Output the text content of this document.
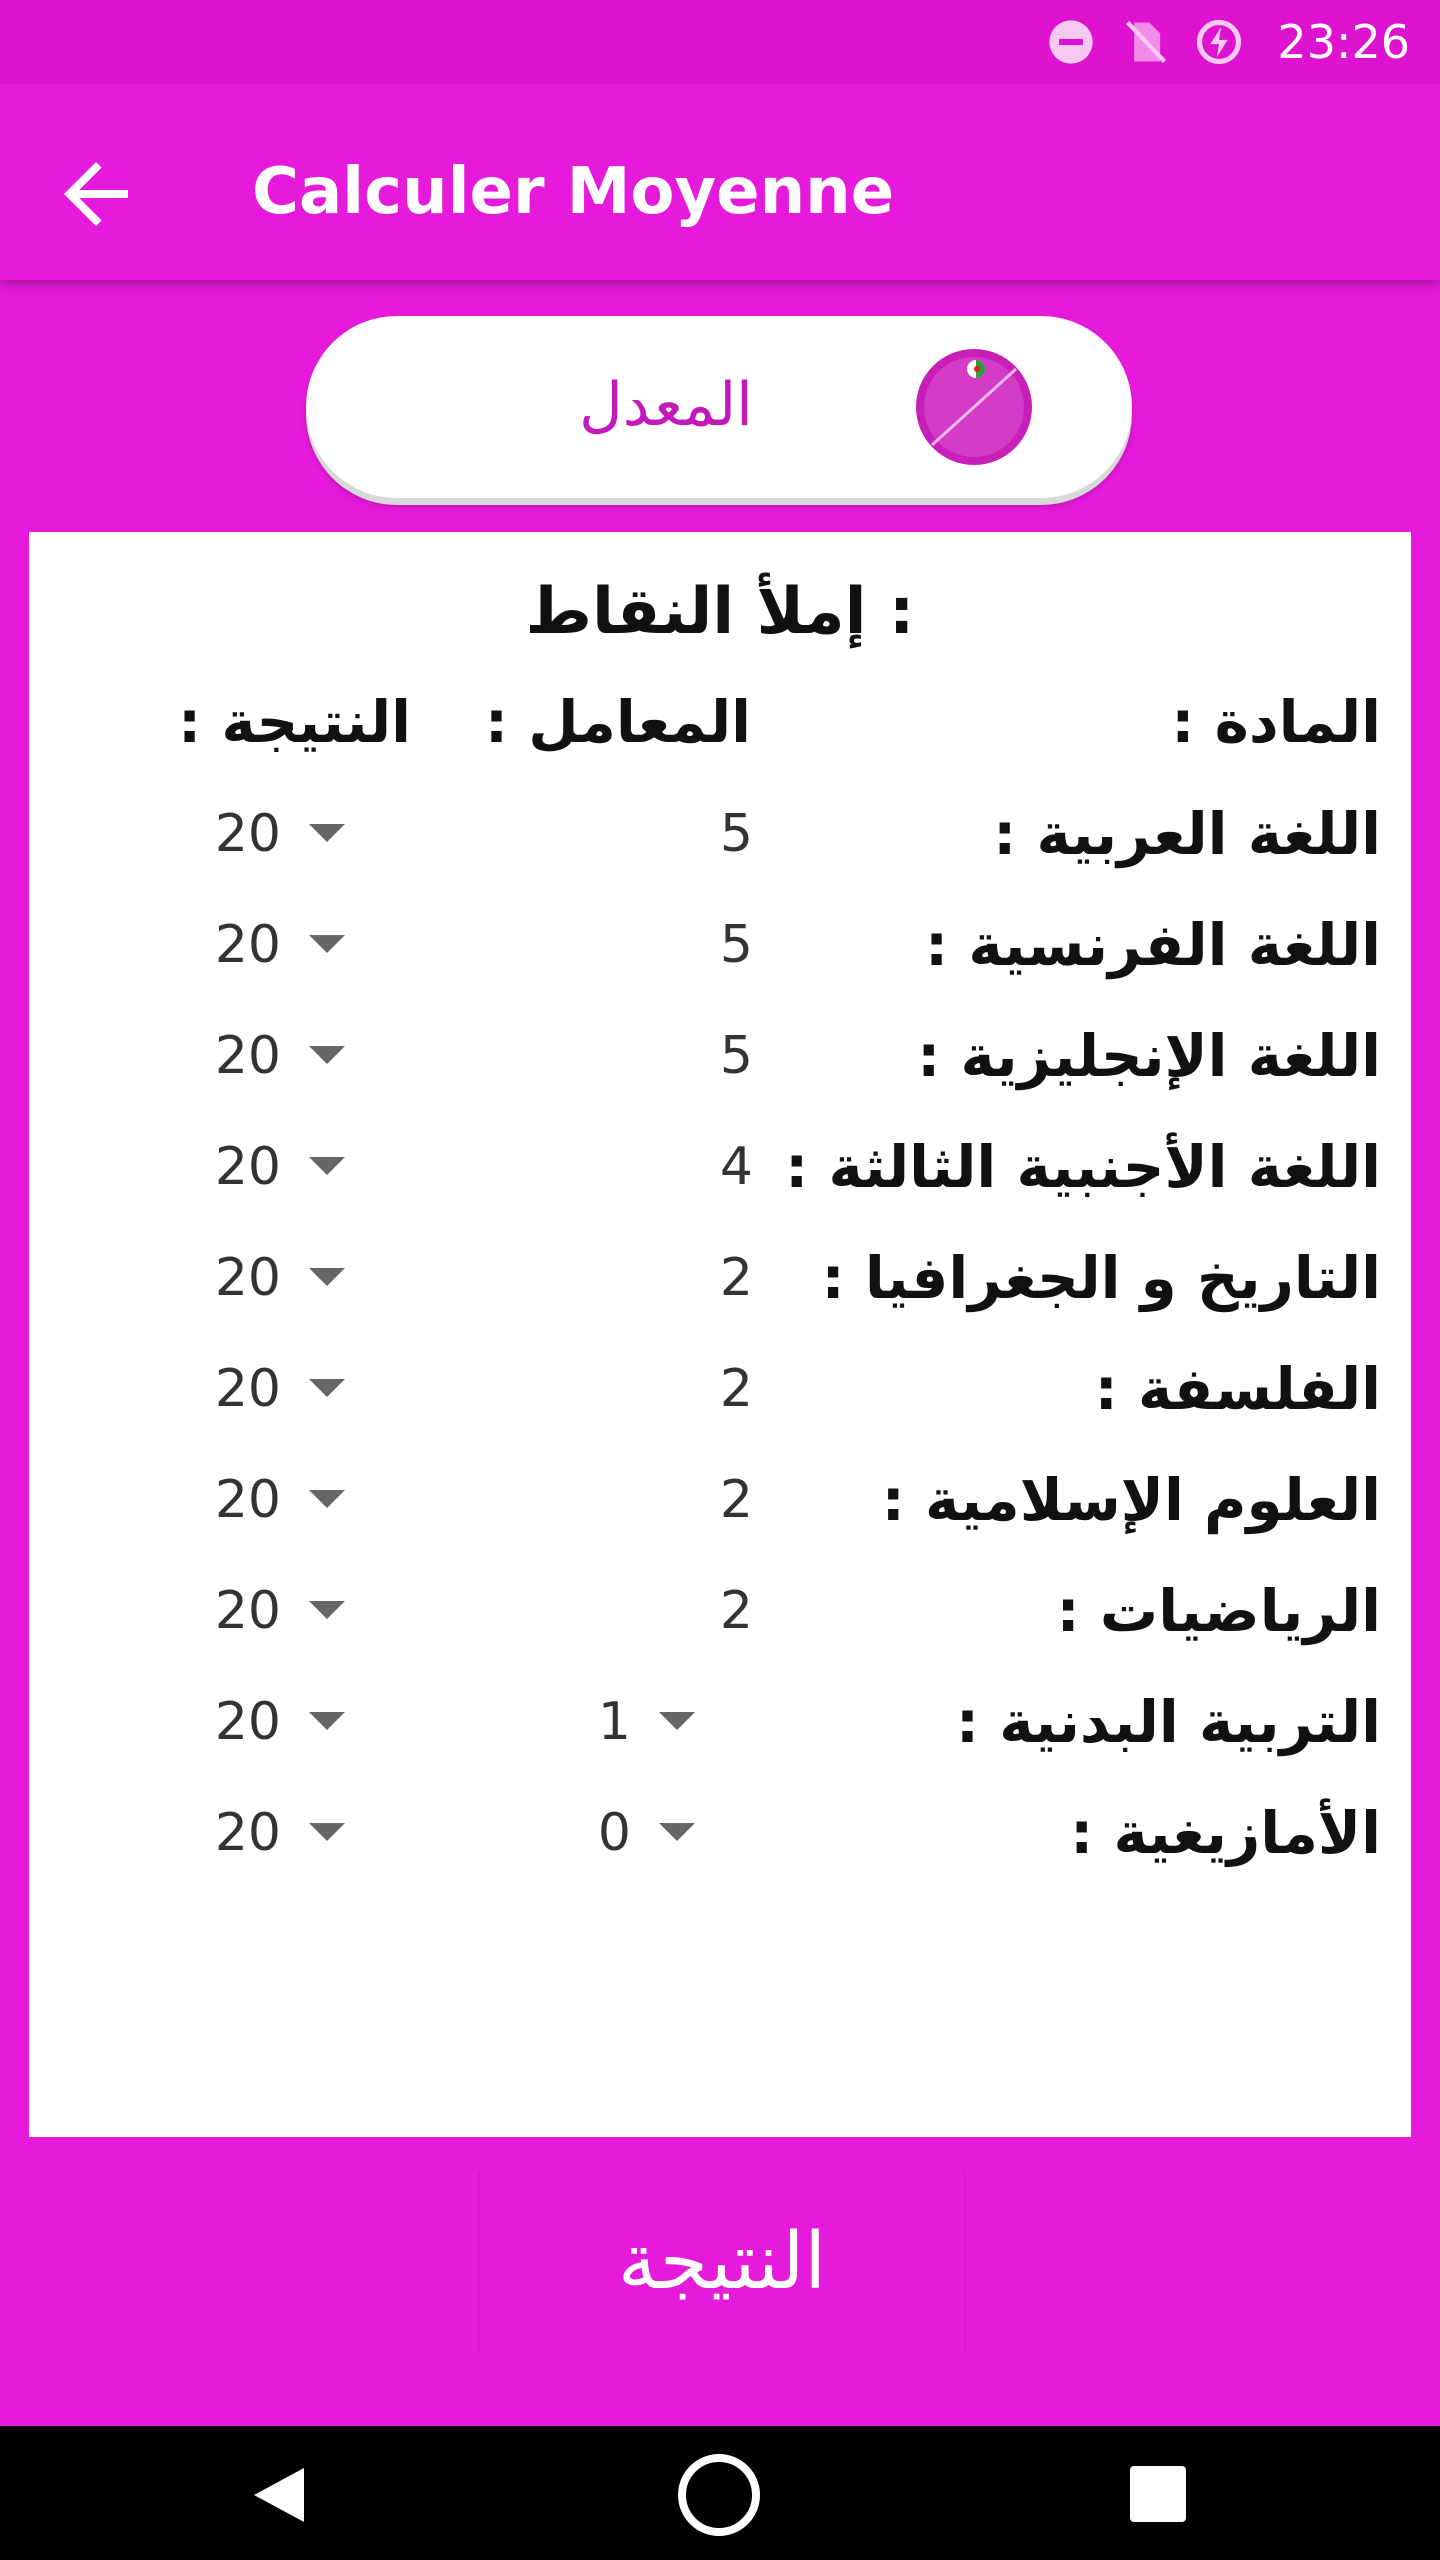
23:26
Calculer Moyenne
المعدل
إملأ النقاط :
المادة :
المعامل :
النتيجة :
اللغة العربية :
5
20
اللغة الفرنسية :
5
20
اللغة الإنجليزية :
5
20
اللغة الأجنبية الثالثة :
4
20
التاريخ و الجغرافيا :
2
20
الفلسفة :
2
20
العلوم الإسلامية :
2
20
الرياضيات :
2
20
التربية البدنية :
1
20
الأمازيغية :
0
20
النتيجة
